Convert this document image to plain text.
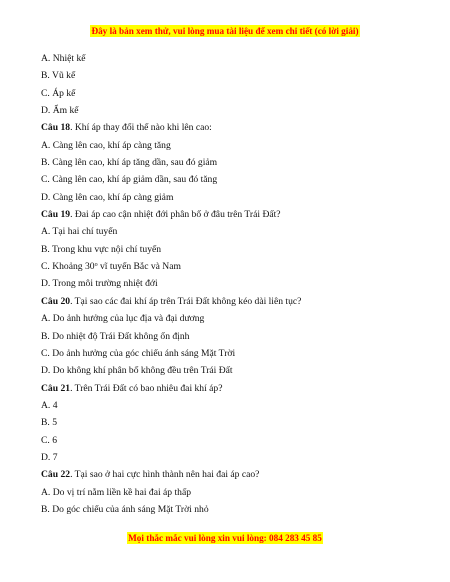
Đây là bản xem thử, vui lòng mua tài liệu để xem chi tiết (có lời giải)
A. Nhiệt kế
B. Vũ kế
C. Áp kế
D. Ẩm kế
Câu 18. Khí áp thay đổi thế nào khi lên cao:
A. Càng lên cao, khí áp càng tăng
B. Càng lên cao, khí áp tăng dần, sau đó giảm
C. Càng lên cao, khí áp giảm dần, sau đó tăng
D. Càng lên cao, khí áp càng giảm
Câu 19. Đai áp cao cận nhiệt đới phân bố ở đâu trên Trái Đất?
A. Tại hai chí tuyến
B. Trong khu vực nội chí tuyến
C. Khoảng 30$^o$ vĩ tuyến Bắc và Nam
D. Trong môi trường nhiệt đới
Câu 20. Tại sao các đai khí áp trên Trái Đất không kéo dài liên tục?
A. Do ảnh hưởng của lục địa và đại dương
B. Do nhiệt độ Trái Đất không ổn định
C. Do ảnh hưởng của góc chiếu ánh sáng Mặt Trời
D. Do không khí phân bố không đều trên Trái Đất
Câu 21. Trên Trái Đất có bao nhiêu đai khí áp?
A. 4
B. 5
C. 6
D. 7
Câu 22. Tại sao ở hai cực hình thành nên hai đai áp cao?
A. Do vị trí nằm liền kề hai đai áp thấp
B. Do góc chiếu của ánh sáng Mặt Trời nhỏ
Mọi thắc mắc vui lòng xin vui lòng: 084 283 45 85
